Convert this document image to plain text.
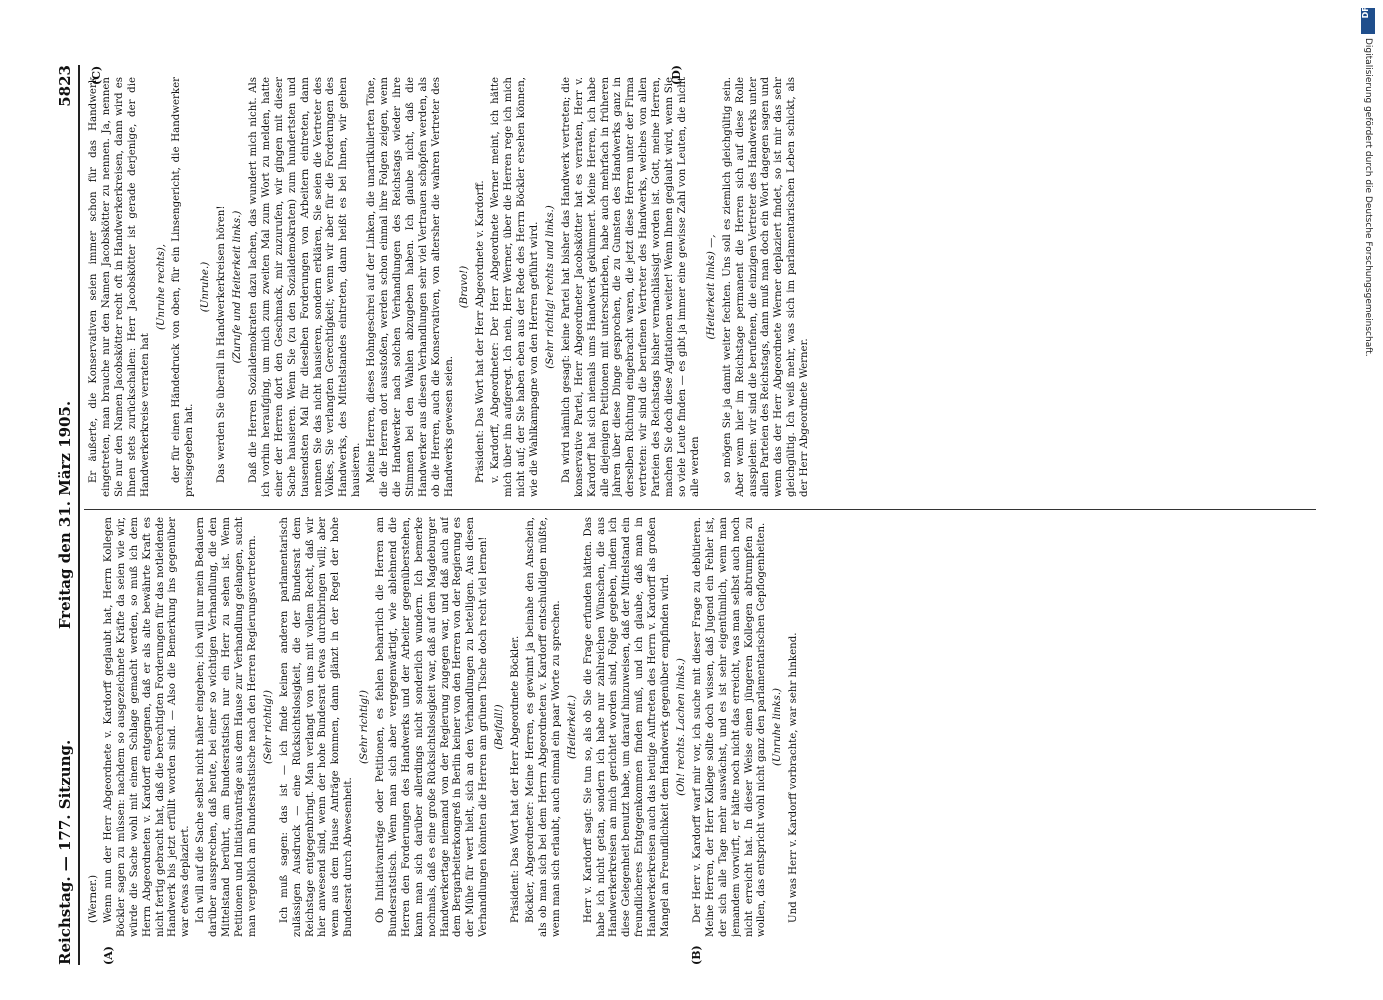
Reichstag. — 177. Sitzung.
Freitag den 31. März 1905.
5823
(A)	(B)
(C)	(D)

(Werner.) Wenn nun der Herr Abgeordnete v. Kardorff geglaubt hat, Herrn Kollegen Böckler sagen zu müssen: nachdem so ausgezeichnete Kräfte da seien wie wir, würde die Sache wohl mit einem Schlage gemacht werden, so muß ich dem Herrn Abgeordneten v. Kardorff entgegnen, daß er als alte bewährte Kraft es nicht fertig gebracht hat, daß die berechtigten Forderungen für das notleidende Handwerk bis jetzt erfüllt worden sind. — Also die Bemerkung ins gegenüber war etwas deplaziert. Ich will auf die Sache selbst nicht näher eingehen; ich will nur mein Bedauern darüber aussprechen, daß heute, bei einer so wichtigen Verhandlung, die den Mittelstand berührt, am Bundesratstisch nur ein Herr zu sehen ist. Wenn Petitionen und Initiativanträge aus dem Hause zur Verhandlung gelangen, sucht man vergeblich am Bundesratstische nach den Herren Regierungsvertretern. (Sehr richtig!) Ich muß sagen: das ist — ich finde keinen anderen parlamentarisch zulässigen Ausdruck — eine Rücksichtslosigkeit, die der Bundesrat dem Reichstage entgegenbringt. Man verlangt von uns mit vollem Recht, daß wir hier anwesend sind, wenn der hohe Bundesrat etwas durchbringen will; aber wenn aus dem Hause Anträge kommen, dann glänzt in der Regel der hohe Bundesrat durch Abwesenheit.

(Sehr richtig!) Ob Initiativanträge oder Petitionen, es fehlen beharrlich die Herren am Bundesratstisch. Wenn man sich aber vergegenwärtigt, wie ablehnend die Herren den Forderungen des Handwerks und der Arbeiter gegenüberstehen, kann man sich darüber allerdings nicht sonderlich wundern. Ich bemerke nochmals, daß es eine große Rücksichtslosigkeit war, daß auf dem Magdeburger Handwerkertage niemand von der Regierung zugegen war, und daß auch auf dem Bergarbeiterkongreß in Berlin keiner von den Herren von der Regierung es der Mühe für wert hielt, sich an den Verhandlungen zu beteiligen. Aus diesen Verhandlungen könnten die Herren am grünen Tische doch recht viel lernen! (Beifall!) Präsident: Das Wort hat der Herr Abgeordnete Böckler. Böckler, Abgeordneter: Meine Herren, es gewinnt ja beinahe den Anschein, als ob man sich bei dem Herrn Abgeordneten v. Kardorff entschuldigen müßte, wenn man sich erlaubt, auch einmal ein paar Worte zu sprechen. (Heiterkeit.) Herr v. Kardorff sagt: Sie tun so, als ob Sie die Frage erfunden hätten. Das habe ich nicht getan, sondern ich habe nur zahlreichen Wünschen, die aus Handwerkerkreisen an mich gerichtet worden sind, Folge gegeben, indem ich diese Gelegenheit benutzt habe, um darauf hinzuweisen, daß der Mittelstand ein freundlicheres Entgegenkommen finden muß, und ich glaube, daß man in Handwerkerkreisen auch das heutige Auftreten des Herrn v. Kardorff als großen Mangel an Freundlichkeit dem Handwerk gegenüber empfinden wird. (Oh! rechts. Lachen links.) Der Herr v. Kardorff warf mir vor, ich suche mit dieser Frage zu debütieren. Meine Herren, der Herr Kollege sollte doch wissen, daß Jugend ein Fehler ist, der sich alle Tage mehr auswächst, und es ist sehr eigentümlich, wenn man jemandem vorwirft, er hätte noch nicht das erreicht, was man selbst auch noch nicht erreicht hat. In dieser Weise einen jüngeren Kollegen abtrumpfen zu wollen, das entspricht wohl nicht ganz den parlamentarischen Gepflogenheiten. (Unruhe links.) Und was Herr v. Kardorff vorbrachte, war sehr hinkend.

Er äußerte, die Konservativen seien immer schon für das Handwerk eingetreten, man brauche nur den Namen Jacobskötter zu nennen. Ja, nennen Sie nur den Namen Jacobskötter recht oft in Handwerkerkreisen, dann wird es Ihnen stets zurückschallen: Herr Jacobskötter ist gerade derjenige, der die Handwerkerkreise verraten hat

(Unruhe rechts), der für einen Händedruck von oben, für ein Linsengericht, die Handwerker preisgegeben hat.

(Unruhe.) Das werden Sie überall in Handwerkerkreisen hören! (Zurufe und Heiterkeit links.) Daß die Herren Sozialdemokraten dazu lachen, das wundert mich nicht. Als ich vorhin heraufging, um mich zum zweiten Mal zum Wort zu melden, hatte einer der Herren dort den Geschmack, mir zuzurufen, wir gingen mit dieser Sache hausieren. Wenn Sie (zu den Sozialdemokraten) zum hundertsten und tausendsten Mal für dieselben Forderungen von Arbeitern eintreten, dann nennen Sie das nicht hausieren, sondern erklären, Sie seien die Vertreter des Volkes, Sie verlangten Gerechtigkeit; wenn wir aber für die Forderungen des Handwerks, des Mittelstandes eintreten, dann heißt es bei Ihnen, wir gehen hausieren. Meine Herren, dieses Hohngeschrei auf der Linken, die unartikulierten Töne, die die Herren dort ausstoßen, werden schon einmal ihre Folgen zeigen, wenn die Handwerker nach solchen Verhandlungen des Reichstags wieder ihre Stimmen bei den Wahlen abzugeben haben. Ich glaube nicht, daß die Handwerker aus diesen Verhandlungen sehr viel Vertrauen schöpfen werden, als ob die Herren, auch die Konservativen, von altersher die wahren Vertreter des Handwerks gewesen seien.

(Bravo!) Präsident: Das Wort hat der Herr Abgeordnete v. Kardorff. v. Kardorff, Abgeordneter: Der Herr Abgeordnete Werner meint, ich hätte mich über ihn aufgeregt. Ich nein, Herr Werner, über die Herren rege ich mich nicht auf; der Sie haben eben aus der Rede des Herrn Böckler ersehen können, wie die Wahlkampagne von den Herren geführt wird. (Sehr richtig! rechts und links.) Da wird nämlich gesagt: keine Partei hat bisher das Handwerk vertreten; die konservative Partei, Herr Abgeordneter Jacobskötter hat es verraten, Herr v. Kardorff hat sich niemals ums Handwerk gekümmert. Meine Herren, ich habe alle diejenigen Petitionen mit unterschrieben, habe auch mehrfach in früheren Jahren über diese Dinge gesprochen, die zu Gunsten des Handwerks ganz in derselben Richtung eingebracht waren, die jetzt diese Herren unter der Firma vertreten: wir sind die berufenen Vertreter des Handwerks, welches von allen Parteien des Reichstags bisher vernachlässigt worden ist. Gott, meine Herren, machen Sie doch diese Agitationen weiter! Wenn Ihnen geglaubt wird, wenn Sie so viele Leute finden — es gibt ja immer eine gewisse Zahl von Leuten, die nicht alle werden

(Heiterkeit links) —, so mögen Sie ja damit weiter fechten. Uns soll es ziemlich gleichgültig sein. Aber wenn hier im Reichstage permanent die Herren sich auf diese Rolle ausspielen: wir sind die berufenen, die einzigen Vertreter des Handwerks unter allen Parteien des Reichstags, dann muß man doch ein Wort dagegen sagen und wenn das der Herr Abgeordnete Werner deplaziert findet, so ist mir das sehr gleichgültig. Ich weiß mehr, was sich im parlamentarischen Leben schickt, als der Herr Abgeordnete Werner.

DFG
Digitalisierung gefördert durch die Deutsche Forschungsgemeinschaft.
